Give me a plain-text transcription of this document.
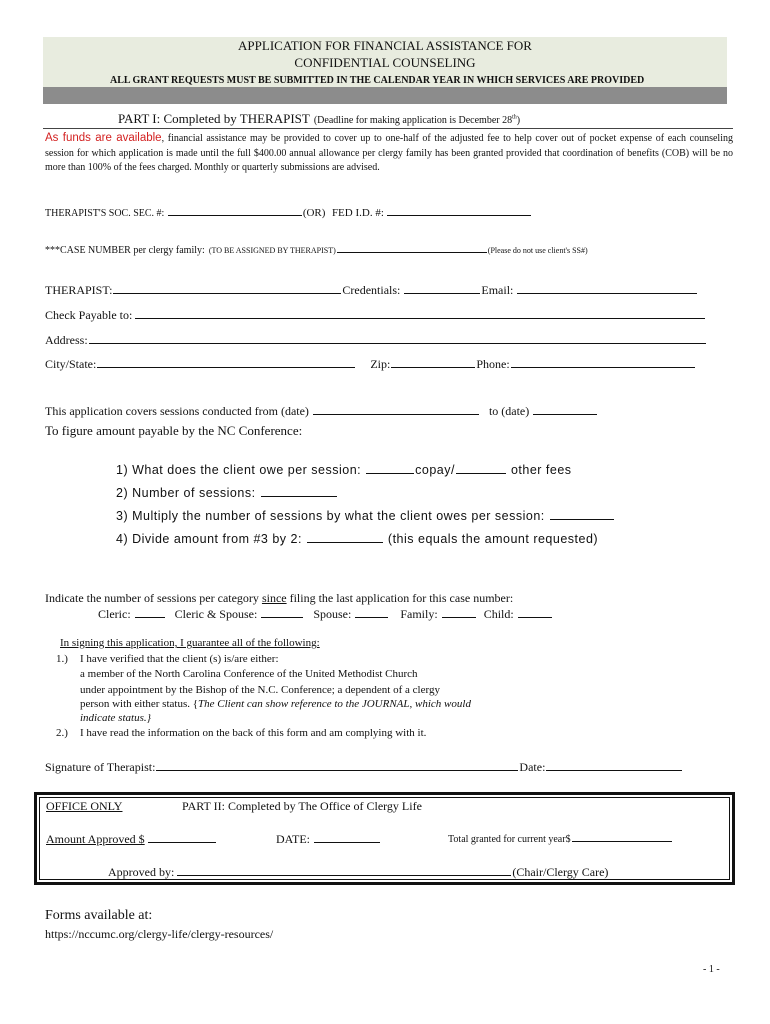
APPLICATION FOR FINANCIAL ASSISTANCE FOR
CONFIDENTIAL COUNSELING
ALL GRANT REQUESTS MUST BE SUBMITTED IN THE CALENDAR YEAR IN WHICH SERVICES ARE PROVIDED
PART I: Completed by THERAPIST (Deadline for making application is December 28th)
As funds are available, financial assistance may be provided to cover up to one-half of the adjusted fee to help cover out of pocket expense of each counseling session for which application is made until the full $400.00 annual allowance per clergy family has been granted provided that coordination of benefits (COB) will be no more than 100% of the fees charged. Monthly or quarterly submissions are advised.
THERAPIST'S SOC. SEC. #:	(OR) FED I.D. #:
***CASE NUMBER per clergy family: (TO BE ASSIGNED BY THERAPIST)	(Please do not use client's SS#)
THERAPIST:	Credentials:	Email:
Check Payable to:
Address:
City/State:	Zip:	Phone:
This application covers sessions conducted from (date)	to (date)
To figure amount payable by the NC Conference:
1) What does the client owe per session:	copay/	other fees
2) Number of sessions:
3) Multiply the number of sessions by what the client owes per session:
4) Divide amount from #3 by 2:	(this equals the amount requested)
Indicate the number of sessions per category since filing the last application for this case number:
Cleric:	Cleric & Spouse:	Spouse:	Family:	Child:
In signing this application, I guarantee all of the following:
1.) I have verified that the client (s) is/are either:
a member of the North Carolina Conference of the United Methodist Church
under appointment by the Bishop of the N.C. Conference; a dependent of a clergy
person with either status. {The Client can show reference to the JOURNAL, which would
indicate status.}
2.) I have read the information on the back of this form and am complying with it.
Signature of Therapist:	Date:
OFFICE ONLY	PART II: Completed by The Office of Clergy Life
Amount Approved $	DATE:	Total granted for current year$
Approved by:	(Chair/Clergy Care)
Forms available at:
https://nccumc.org/clergy-life/clergy-resources/
- 1 -
